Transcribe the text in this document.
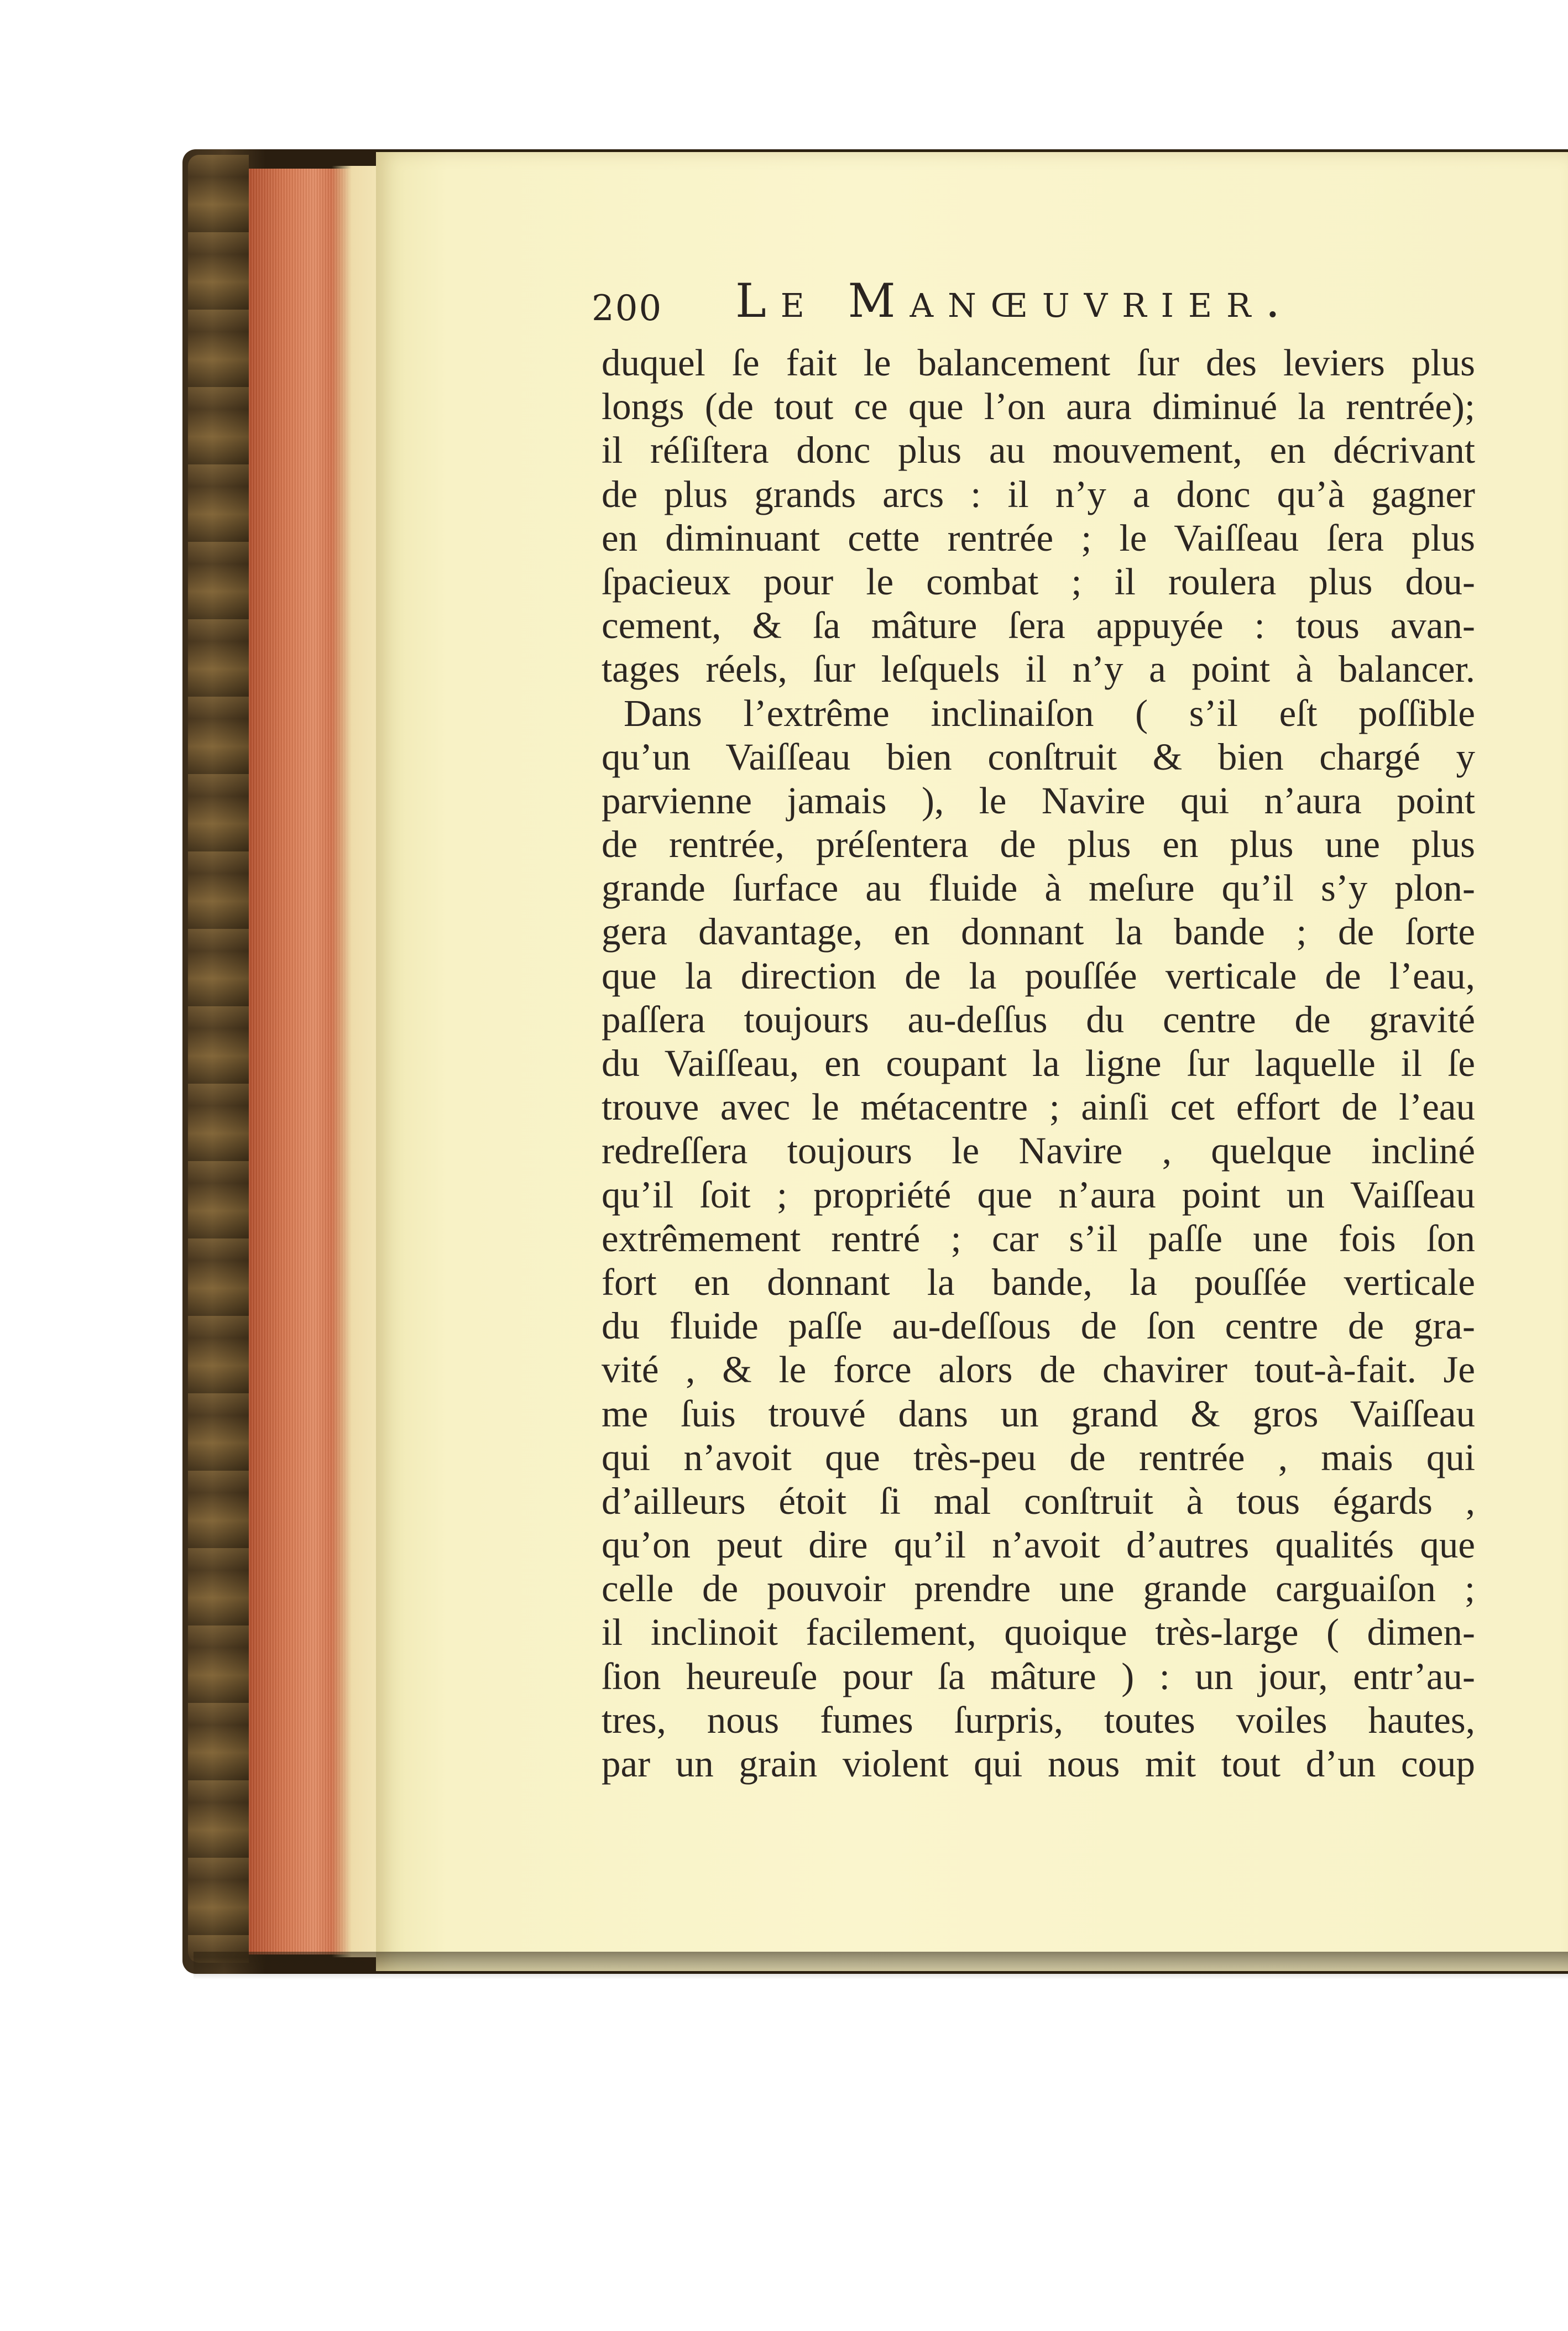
200 Le Manœuvrier.
duquel ſe fait le balancement ſur des leviers plus
longs (de tout ce que l’on aura diminué la rentrée);
il réſiſtera donc plus au mouvement, en décrivant
de plus grands arcs : il n’y a donc qu’à gagner
en diminuant cette rentrée ; le Vaiſſeau ſera plus
ſpacieux pour le combat ; il roulera plus dou-
cement, & ſa mâture ſera appuyée : tous avan-
tages réels, ſur leſquels il n’y a point à balancer.
Dans l’extrême inclinaiſon ( s’il eſt poſſible
qu’un Vaiſſeau bien conſtruit & bien chargé y
parvienne jamais ), le Navire qui n’aura point
de rentrée, préſentera de plus en plus une plus
grande ſurface au fluide à meſure qu’il s’y plon-
gera davantage, en donnant la bande ; de ſorte
que la direction de la pouſſée verticale de l’eau,
paſſera toujours au-deſſus du centre de gravité
du Vaiſſeau, en coupant la ligne ſur laquelle il ſe
trouve avec le métacentre ; ainſi cet effort de l’eau
redreſſera toujours le Navire , quelque incliné
qu’il ſoit ; propriété que n’aura point un Vaiſſeau
extrêmement rentré ; car s’il paſſe une fois ſon
fort en donnant la bande, la pouſſée verticale
du fluide paſſe au-deſſous de ſon centre de gra-
vité , & le force alors de chavirer tout-à-fait. Je
me ſuis trouvé dans un grand & gros Vaiſſeau
qui n’avoit que très-peu de rentrée , mais qui
d’ailleurs étoit ſi mal conſtruit à tous égards ,
qu’on peut dire qu’il n’avoit d’autres qualités que
celle de pouvoir prendre une grande carguaiſon ;
il inclinoit facilement, quoique très-large ( dimen-
ſion heureuſe pour ſa mâture ) : un jour, entr’au-
tres, nous fumes ſurpris, toutes voiles hautes,
par un grain violent qui nous mit tout d’un coup
